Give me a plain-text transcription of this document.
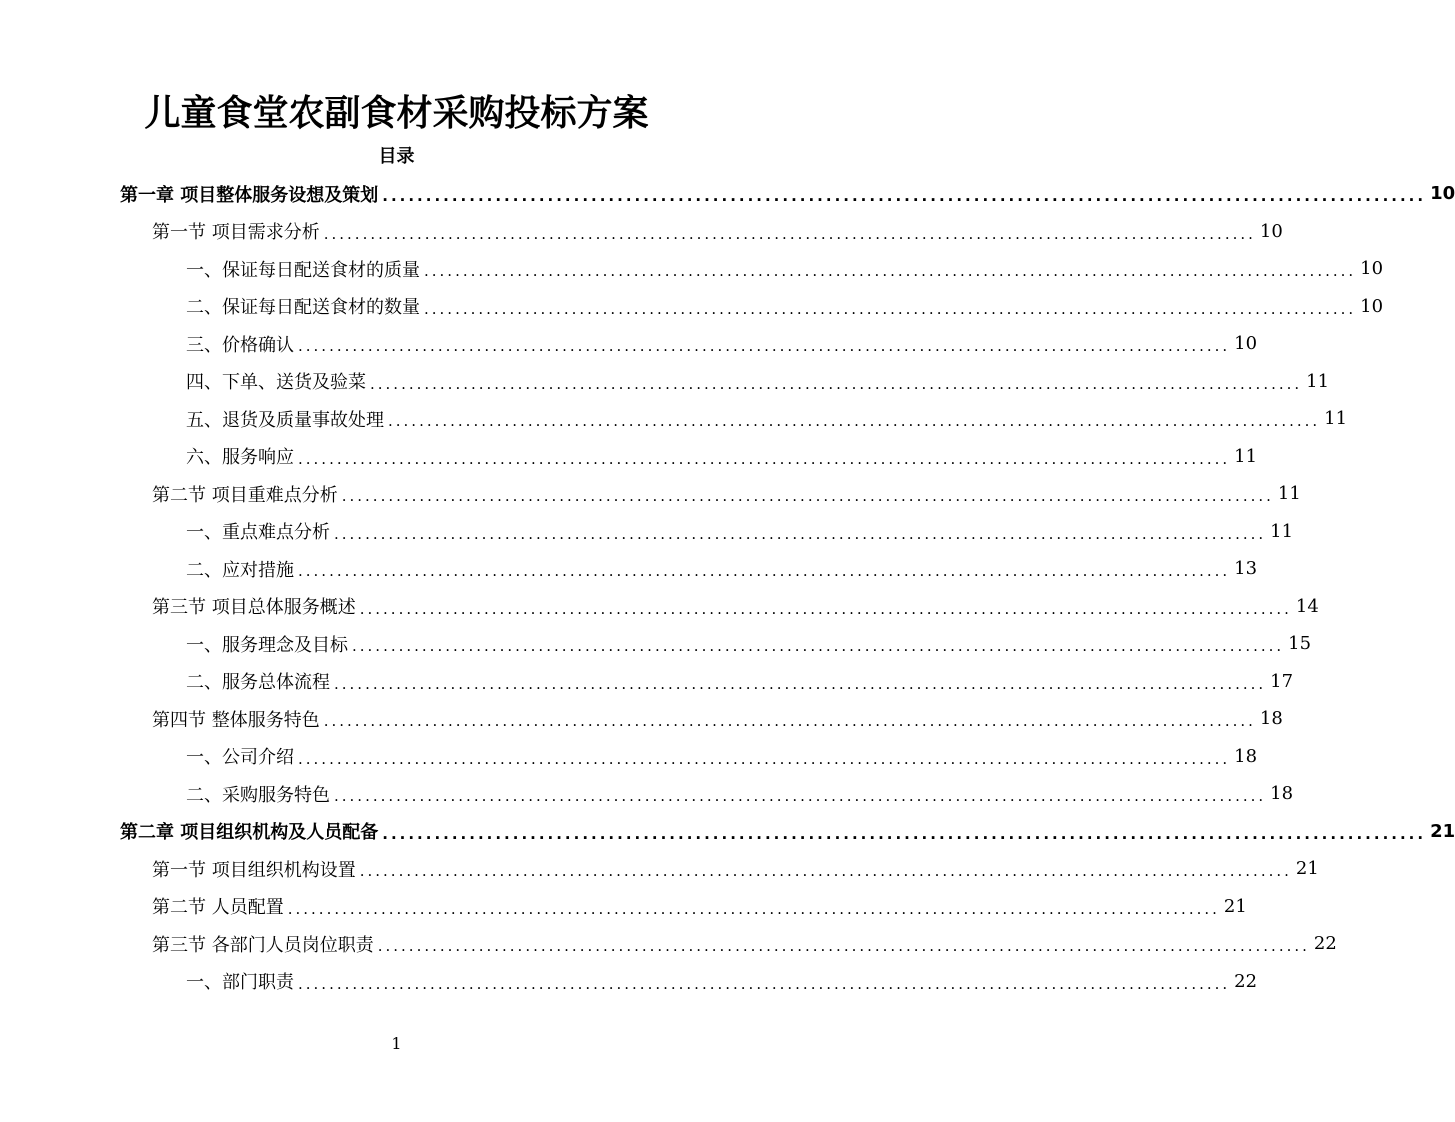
儿童食堂农副食材采购投标方案
目录
第一章 项目整体服务设想及策划 ........................................................................................................................ 10
第一节 项目需求分析 ........................................................................................................................ 10
一、保证每日配送食材的质量 ........................................................................................................................ 10
二、保证每日配送食材的数量 ........................................................................................................................ 10
三、价格确认 ........................................................................................................................ 10
四、下单、送货及验菜 ........................................................................................................................ 11
五、退货及质量事故处理 ........................................................................................................................ 11
六、服务响应 ........................................................................................................................ 11
第二节 项目重难点分析 ........................................................................................................................ 11
一、重点难点分析 ........................................................................................................................ 11
二、应对措施 ........................................................................................................................ 13
第三节 项目总体服务概述 ........................................................................................................................ 14
一、服务理念及目标 ........................................................................................................................ 15
二、服务总体流程 ........................................................................................................................ 17
第四节 整体服务特色 ........................................................................................................................ 18
一、公司介绍 ........................................................................................................................ 18
二、采购服务特色 ........................................................................................................................ 18
第二章 项目组织机构及人员配备 ........................................................................................................................ 21
第一节 项目组织机构设置 ........................................................................................................................ 21
第二节 人员配置 ........................................................................................................................ 21
第三节 各部门人员岗位职责 ........................................................................................................................ 22
一、部门职责 ........................................................................................................................ 22
1
